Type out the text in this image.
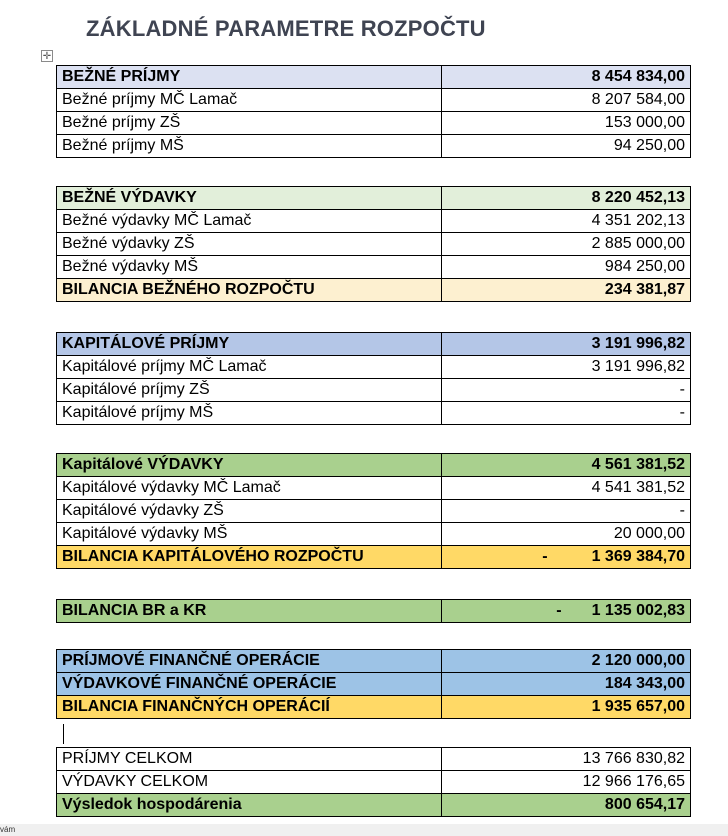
ZÁKLADNÉ PARAMETRE ROZPOČTU
✛
BEŽNÉ PRÍJMY	8 454 834,00
Bežné príjmy MČ Lamač	8 207 584,00
Bežné príjmy ZŠ	153 000,00
Bežné príjmy MŠ	94 250,00
BEŽNÉ VÝDAVKY	8 220 452,13
Bežné výdavky MČ Lamač	4 351 202,13
Bežné výdavky ZŠ	2 885 000,00
Bežné výdavky MŠ	984 250,00
BILANCIA BEŽNÉHO ROZPOČTU	234 381,87
KAPITÁLOVÉ PRÍJMY	3 191 996,82
Kapitálové príjmy MČ Lamač	3 191 996,82
Kapitálové príjmy ZŠ	-
Kapitálové príjmy MŠ	-
Kapitálové VÝDAVKY	4 561 381,52
Kapitálové výdavky MČ Lamač	4 541 381,52
Kapitálové výdavky ZŠ	-
Kapitálové výdavky MŠ	20 000,00
BILANCIA KAPITÁLOVÉHO ROZPOČTU	- 1 369 384,70
BILANCIA BR a KR	- 1 135 002,83
PRÍJMOVÉ FINANČNÉ OPERÁCIE	2 120 000,00
VÝDAVKOVÉ FINANČNÉ OPERÁCIE	184 343,00
BILANCIA FINANČNÝCH OPERÁCIÍ	1 935 657,00
PRÍJMY CELKOM	13 766 830,82
VÝDAVKY CELKOM	12 966 176,65
Výsledok hospodárenia	800 654,17
vám
